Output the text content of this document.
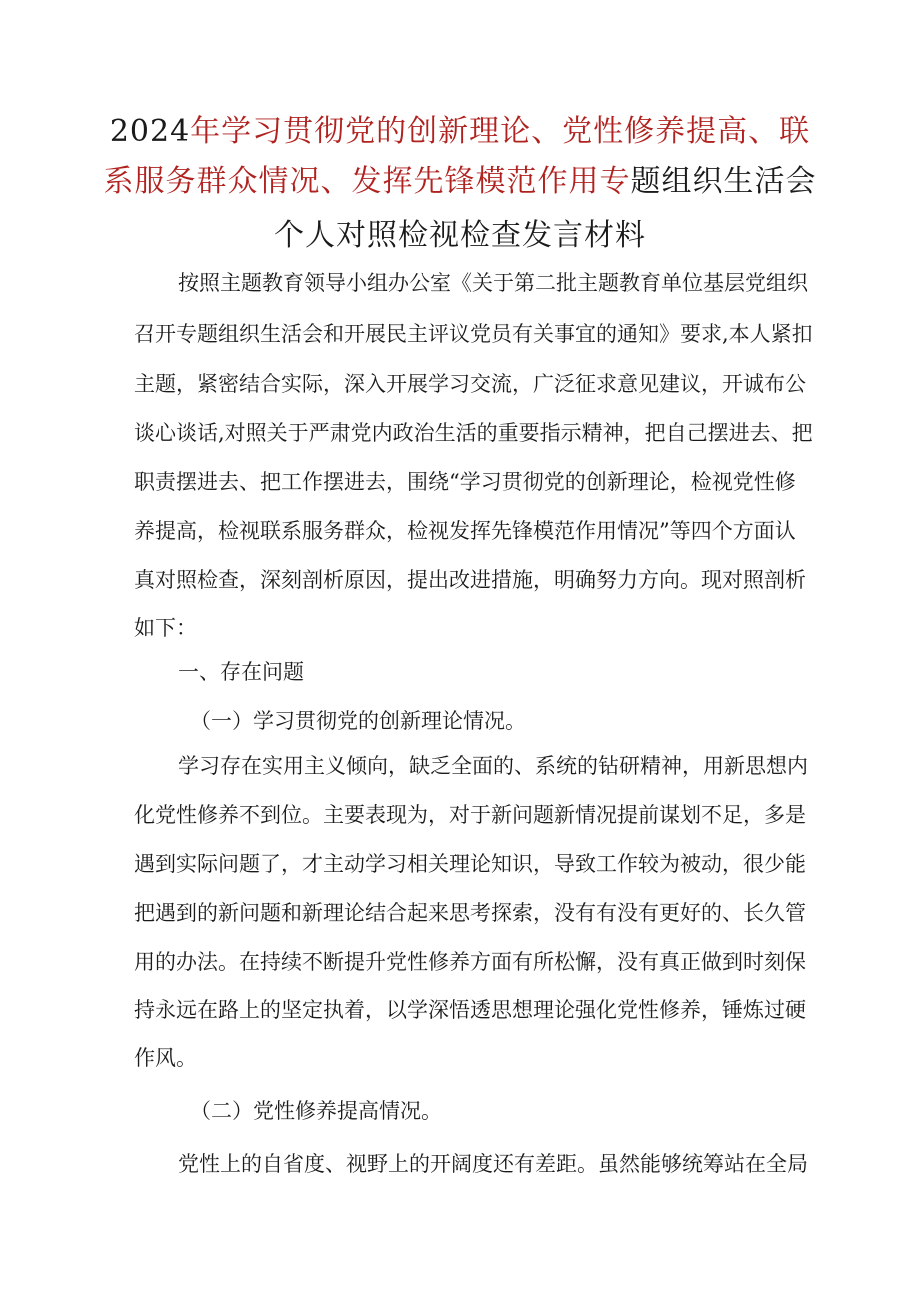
2024年学习贯彻党的创新理论、党性修养提高、联
系服务群众情况、发挥先锋模范作用专题组织生活会
个人对照检视检查发言材料
按照主题教育领导小组办公室《关于第二批主题教育单位基层党组织
召开专题组织生活会和开展民主评议党员有关事宜的通知》要求,本人紧扣
主题，紧密结合实际，深入开展学习交流，广泛征求意见建议，开诚布公
谈心谈话,对照关于严肃党内政治生活的重要指示精神，把自己摆进去、把
职责摆进去、把工作摆进去，围绕“学习贯彻党的创新理论，检视党性修
养提高，检视联系服务群众，检视发挥先锋模范作用情况”等四个方面认
真对照检查，深刻剖析原因，提出改进措施，明确努力方向。现对照剖析
如下：
一、存在问题
（一）学习贯彻党的创新理论情况。
学习存在实用主义倾向，缺乏全面的、系统的钻研精神，用新思想内
化党性修养不到位。主要表现为，对于新问题新情况提前谋划不足，多是
遇到实际问题了，才主动学习相关理论知识，导致工作较为被动，很少能
把遇到的新问题和新理论结合起来思考探索，没有有没有更好的、长久管
用的办法。在持续不断提升党性修养方面有所松懈，没有真正做到时刻保
持永远在路上的坚定执着，以学深悟透思想理论强化党性修养，锤炼过硬
作风。
（二）党性修养提高情况。
党性上的自省度、视野上的开阔度还有差距。虽然能够统筹站在全局
